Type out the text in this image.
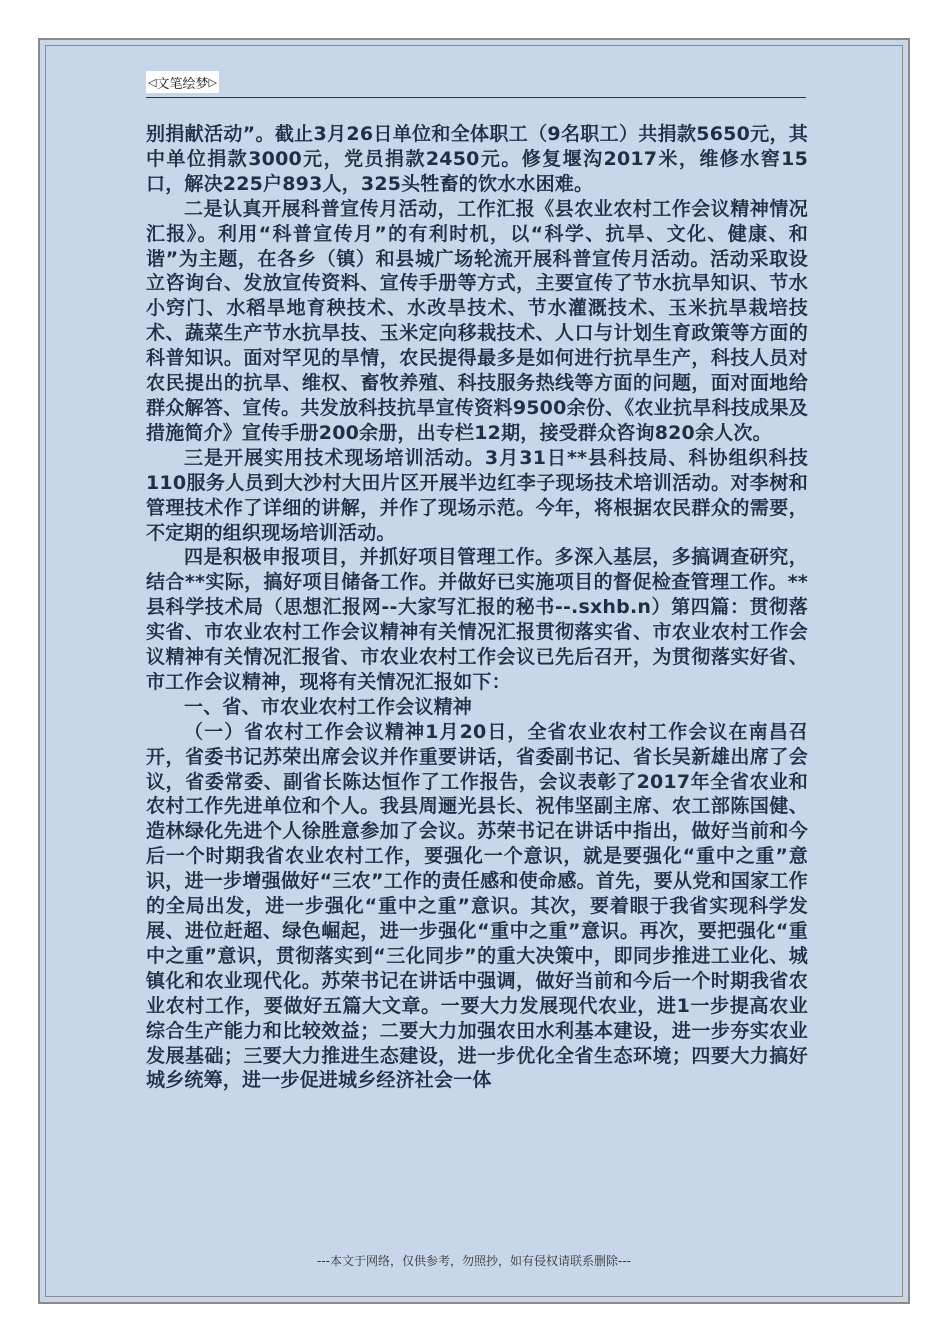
◁ 文笔绘梦 ▷

别捐献活动”。截止3月26日单位和全体职工（9名职工）共捐款5650元，其中单位捐款3000元，党员捐款2450元。修复堰沟2017米，维修水窖15口，解决225户893人，325头牲畜的饮水水困难。

二是认真开展科普宣传月活动，工作汇报《县农业农村工作会议精神情况汇报》。利用“科普宣传月”的有利时机，以“科学、抗旱、文化、健康、和谐”为主题，在各乡（镇）和县城广场轮流开展科普宣传月活动。活动采取设立咨询台、发放宣传资料、宣传手册等方式，主要宣传了节水抗旱知识、节水小窍门、水稻旱地育秧技术、水改旱技术、节水灌溉技术、玉米抗旱栽培技术、蔬菜生产节水抗旱技、玉米定向移栽技术、人口与计划生育政策等方面的科普知识。面对罕见的旱情，农民提得最多是如何进行抗旱生产，科技人员对农民提出的抗旱、维权、畜牧养殖、科技服务热线等方面的问题，面对面地给群众解答、宣传。共发放科技抗旱宣传资料9500余份、《农业抗旱科技成果及措施简介》宣传手册200余册，出专栏12期，接受群众咨询820余人次。

三是开展实用技术现场培训活动。3月31日**县科技局、科协组织科技110服务人员到大沙村大田片区开展半边红李子现场技术培训活动。对李树和管理技术作了详细的讲解，并作了现场示范。今年，将根据农民群众的需要，不定期的组织现场培训活动。

四是积极申报项目，并抓好项目管理工作。多深入基层，多搞调查研究，结合**实际，搞好项目储备工作。并做好已实施项目的督促检查管理工作。**县科学技术局（思想汇报网--大家写汇报的秘书--.sxhb.n）第四篇：贯彻落实省、市农业农村工作会议精神有关情况汇报贯彻落实省、市农业农村工作会议精神有关情况汇报省、市农业农村工作会议已先后召开，为贯彻落实好省、市工作会议精神，现将有关情况汇报如下：

一、省、市农业农村工作会议精神

（一）省农村工作会议精神1月20日，全省农业农村工作会议在南昌召开，省委书记苏荣出席会议并作重要讲话，省委副书记、省长吴新雄出席了会议，省委常委、副省长陈达恒作了工作报告，会议表彰了2017年全省农业和农村工作先进单位和个人。我县周逦光县长、祝伟坚副主席、农工部陈国健、造林绿化先进个人徐胜意参加了会议。苏荣书记在讲话中指出，做好当前和今后一个时期我省农业农村工作，要强化一个意识，就是要强化“重中之重”意识，进一步增强做好“三农”工作的责任感和使命感。首先，要从党和国家工作的全局出发，进一步强化“重中之重”意识。其次，要着眼于我省实现科学发展、进位赶超、绿色崛起，进一步强化“重中之重”意识。再次，要把强化“重中之重”意识，贯彻落实到“三化同步”的重大决策中，即同步推进工业化、城镇化和农业现代化。苏荣书记在讲话中强调，做好当前和今后一个时期我省农业农村工作，要做好五篇大文章。一要大力发展现代农业，进1一步提高农业综合生产能力和比较效益；二要大力加强农田水利基本建设，进一步夯实农业发展基础；三要大力推进生态建设，进一步优化全省生态环境；四要大力搞好城乡统筹，进一步促进城乡经济社会一体

---本文于网络，仅供参考，勿照抄，如有侵权请联系删除---
